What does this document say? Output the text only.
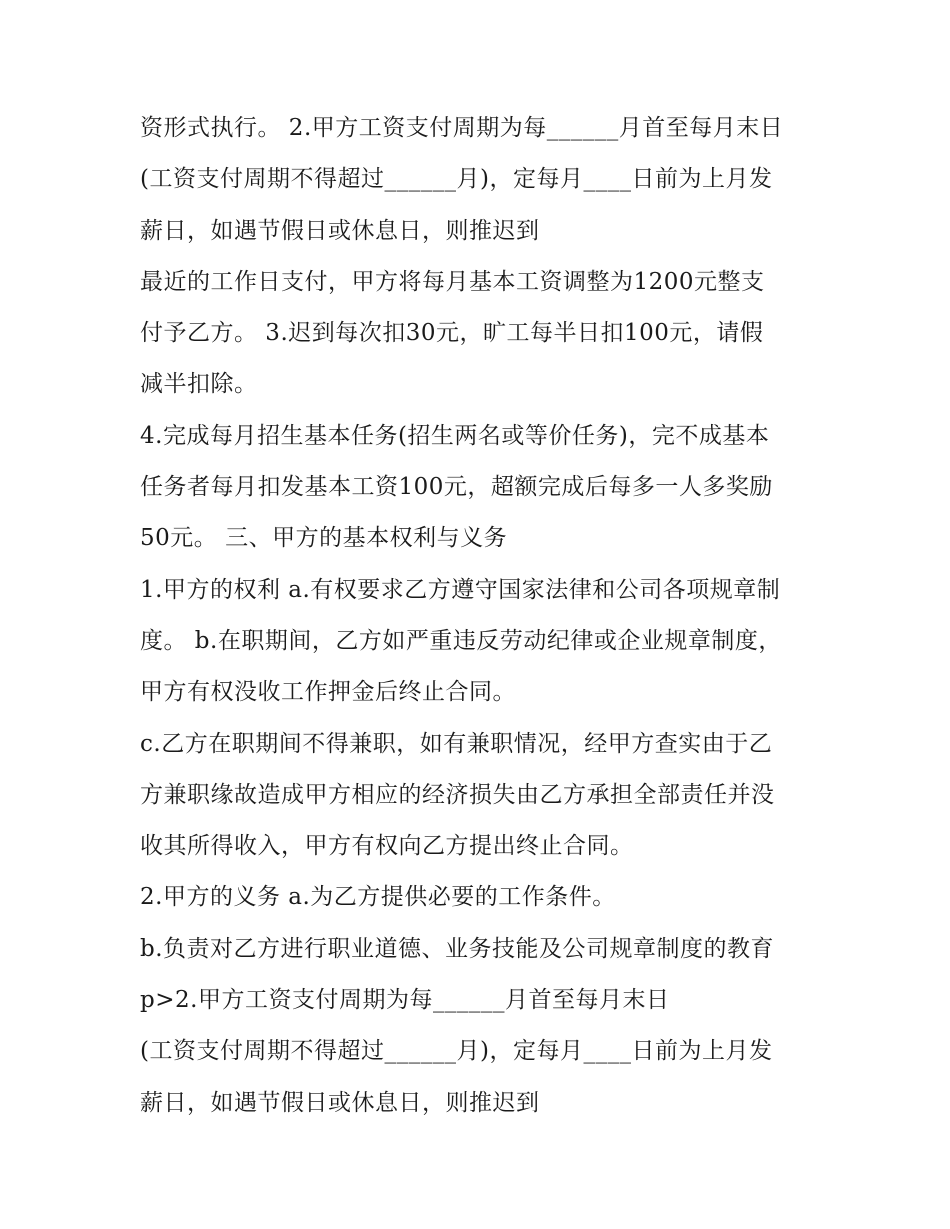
资形式执行。 2.甲方工资支付周期为每______月首至每月末日
(工资支付周期不得超过______月)，定每月____日前为上月发
薪日，如遇节假日或休息日，则推迟到
最近的工作日支付，甲方将每月基本工资调整为1200元整支
付予乙方。 3.迟到每次扣30元，旷工每半日扣100元，请假
减半扣除。
4.完成每月招生基本任务(招生两名或等价任务)，完不成基本
任务者每月扣发基本工资100元，超额完成后每多一人多奖励
50元。 三、甲方的基本权利与义务
1.甲方的权利 a.有权要求乙方遵守国家法律和公司各项规章制
度。 b.在职期间，乙方如严重违反劳动纪律或企业规章制度，
甲方有权没收工作押金后终止合同。
c.乙方在职期间不得兼职，如有兼职情况，经甲方查实由于乙
方兼职缘故造成甲方相应的经济损失由乙方承担全部责任并没
收其所得收入，甲方有权向乙方提出终止合同。
2.甲方的义务 a.为乙方提供必要的工作条件。
b.负责对乙方进行职业道德、业务技能及公司规章制度的教育
p>2.甲方工资支付周期为每______月首至每月末日
(工资支付周期不得超过______月)，定每月____日前为上月发
薪日，如遇节假日或休息日，则推迟到
